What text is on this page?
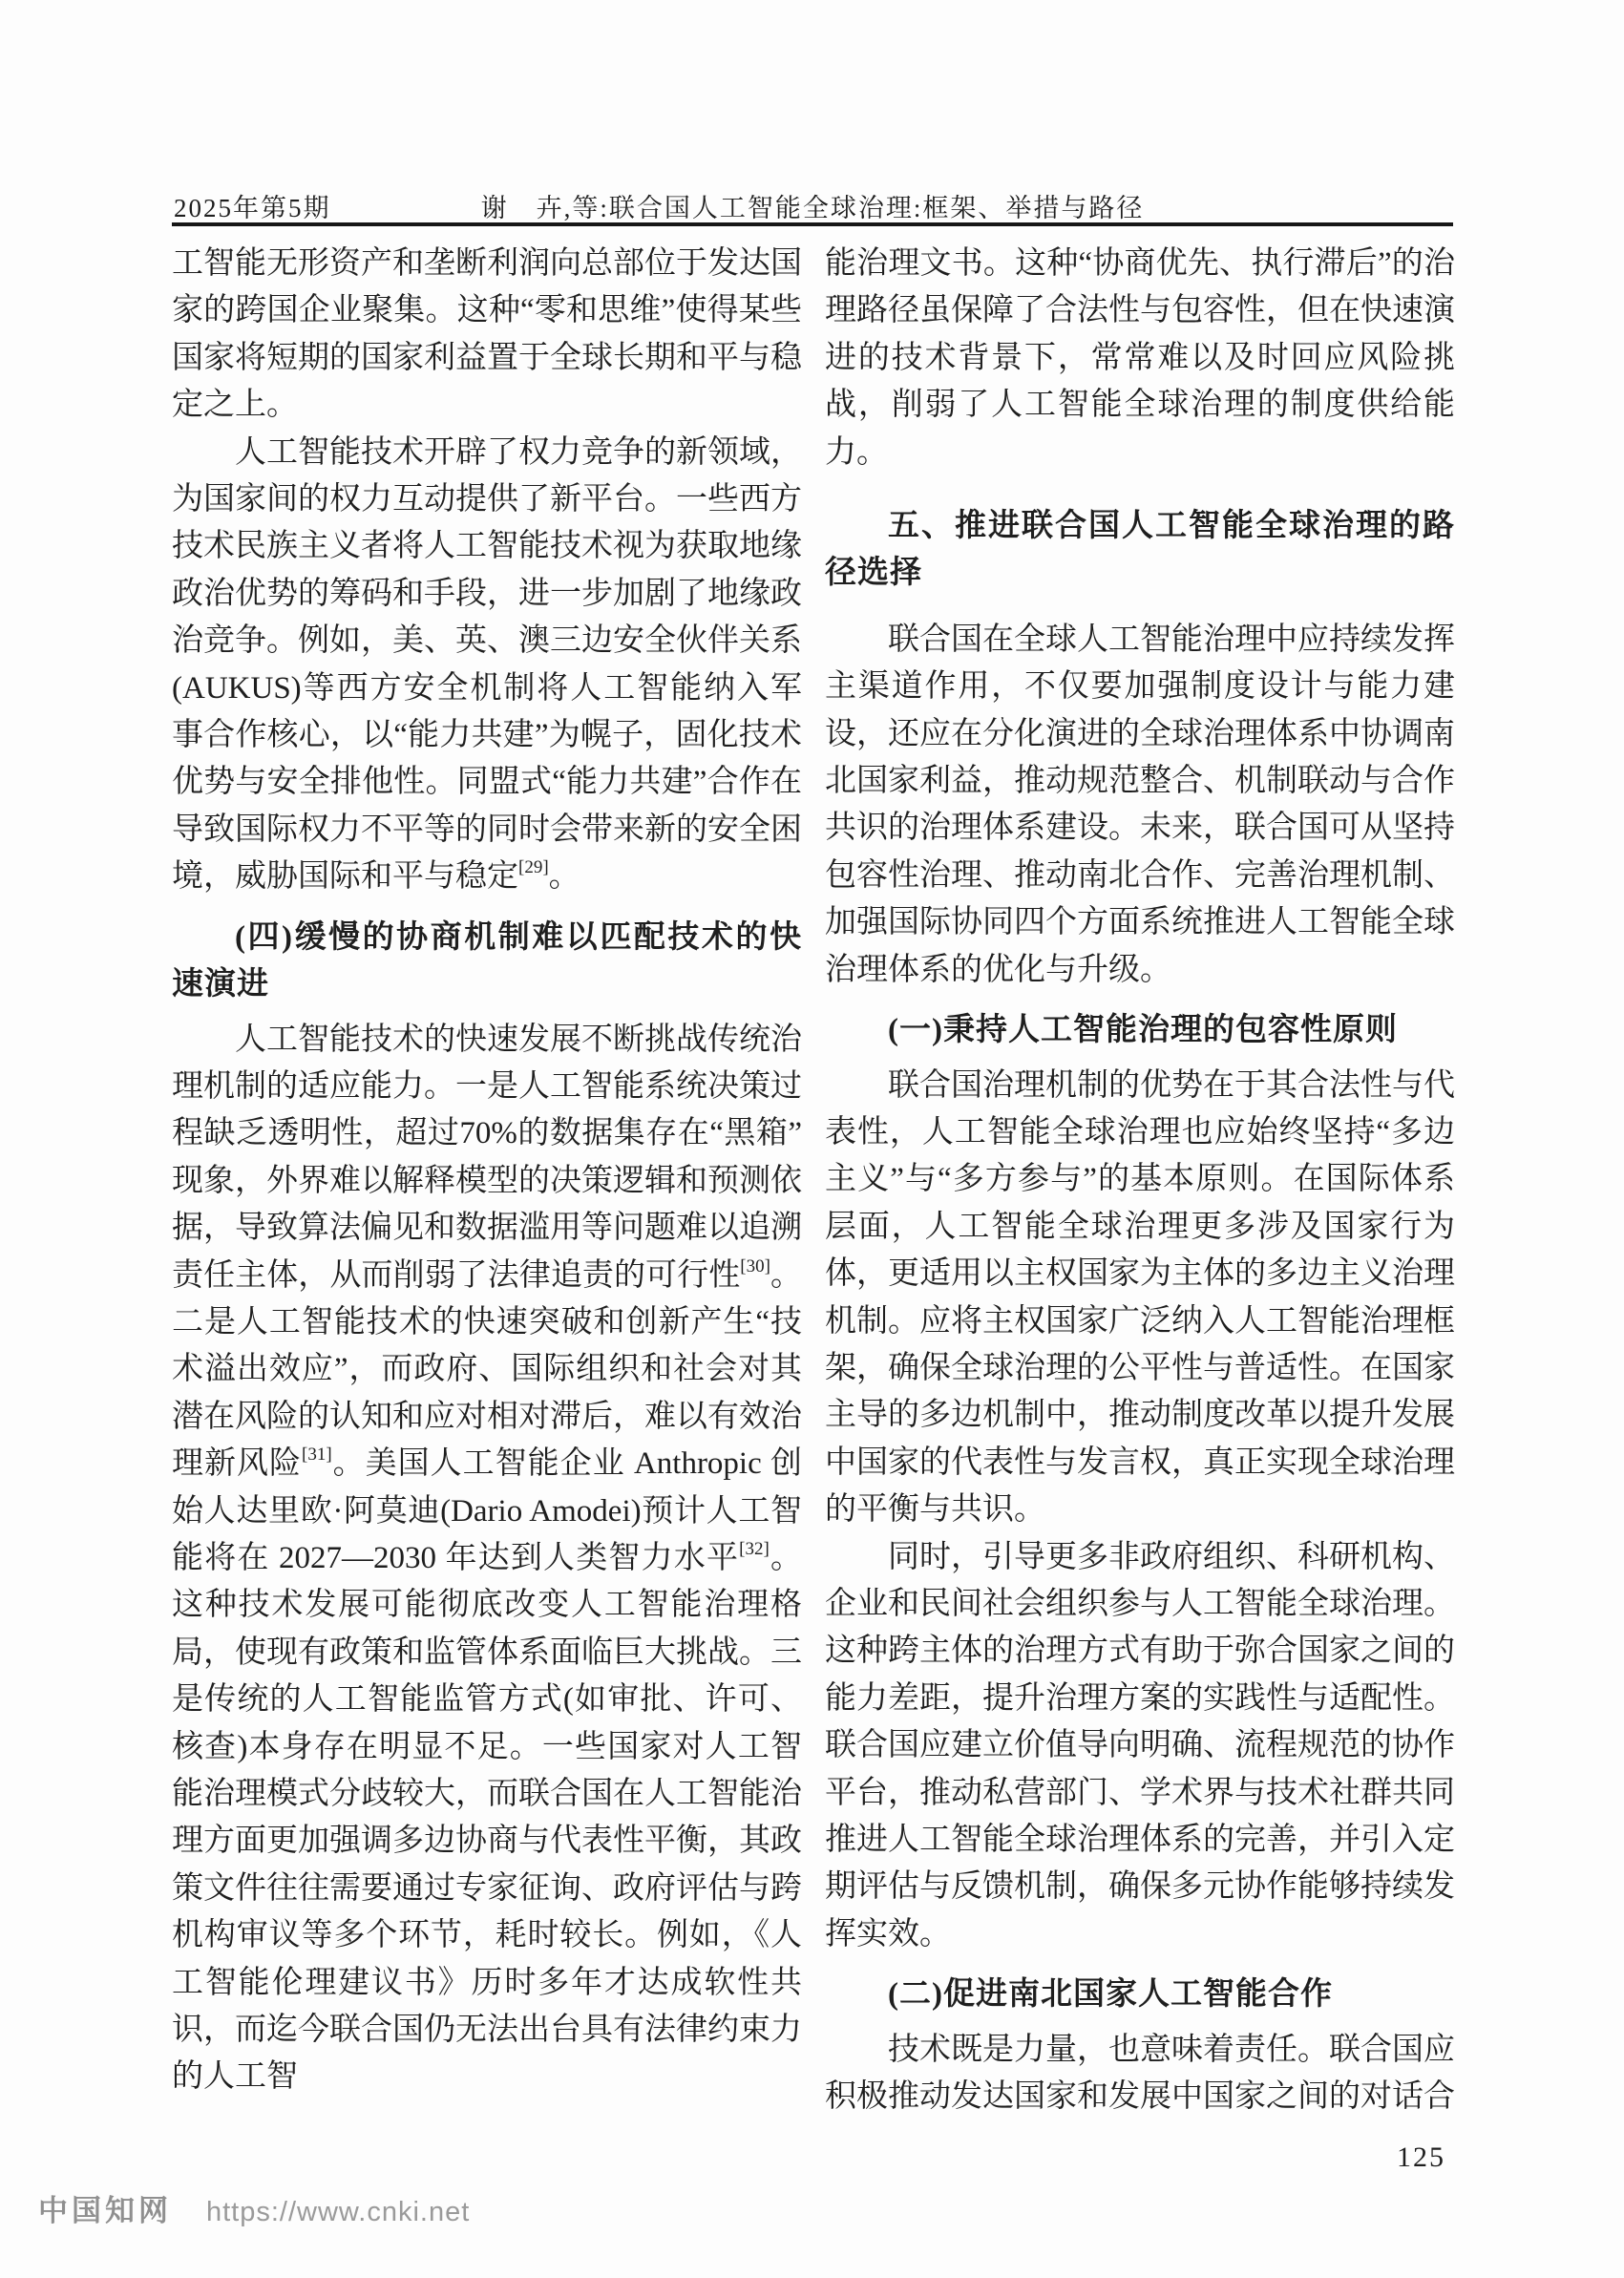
2025年第5期	谢　卉,等:联合国人工智能全球治理:框架、举措与路径
工智能无形资产和垄断利润向总部位于发达国家的跨国企业聚集。这种“零和思维”使得某些国家将短期的国家利益置于全球长期和平与稳定之上。
人工智能技术开辟了权力竞争的新领域，为国家间的权力互动提供了新平台。一些西方技术民族主义者将人工智能技术视为获取地缘政治优势的筹码和手段，进一步加剧了地缘政治竞争。例如，美、英、澳三边安全伙伴关系(AUKUS)等西方安全机制将人工智能纳入军事合作核心，以“能力共建”为幌子，固化技术优势与安全排他性。同盟式“能力共建”合作在导致国际权力不平等的同时会带来新的安全困境，威胁国际和平与稳定[29]。
(四)缓慢的协商机制难以匹配技术的快速演进
人工智能技术的快速发展不断挑战传统治理机制的适应能力。一是人工智能系统决策过程缺乏透明性，超过70%的数据集存在“黑箱”现象，外界难以解释模型的决策逻辑和预测依据，导致算法偏见和数据滥用等问题难以追溯责任主体，从而削弱了法律追责的可行性[30]。二是人工智能技术的快速突破和创新产生“技术溢出效应”，而政府、国际组织和社会对其潜在风险的认知和应对相对滞后，难以有效治理新风险[31]。美国人工智能企业 Anthropic 创始人达里欧·阿莫迪(Dario Amodei)预计人工智能将在 2027—2030 年达到人类智力水平[32]。这种技术发展可能彻底改变人工智能治理格局，使现有政策和监管体系面临巨大挑战。三是传统的人工智能监管方式(如审批、许可、核查)本身存在明显不足。一些国家对人工智能治理模式分歧较大，而联合国在人工智能治理方面更加强调多边协商与代表性平衡，其政策文件往往需要通过专家征询、政府评估与跨机构审议等多个环节，耗时较长。例如，《人工智能伦理建议书》历时多年才达成软性共识，而迄今联合国仍无法出台具有法律约束力的人工智
能治理文书。这种“协商优先、执行滞后”的治理路径虽保障了合法性与包容性，但在快速演进的技术背景下，常常难以及时回应风险挑战，削弱了人工智能全球治理的制度供给能力。
五、推进联合国人工智能全球治理的路径选择
联合国在全球人工智能治理中应持续发挥主渠道作用，不仅要加强制度设计与能力建设，还应在分化演进的全球治理体系中协调南北国家利益，推动规范整合、机制联动与合作共识的治理体系建设。未来，联合国可从坚持包容性治理、推动南北合作、完善治理机制、加强国际协同四个方面系统推进人工智能全球治理体系的优化与升级。
(一)秉持人工智能治理的包容性原则
联合国治理机制的优势在于其合法性与代表性，人工智能全球治理也应始终坚持“多边主义”与“多方参与”的基本原则。在国际体系层面，人工智能全球治理更多涉及国家行为体，更适用以主权国家为主体的多边主义治理机制。应将主权国家广泛纳入人工智能治理框架，确保全球治理的公平性与普适性。在国家主导的多边机制中，推动制度改革以提升发展中国家的代表性与发言权，真正实现全球治理的平衡与共识。
同时，引导更多非政府组织、科研机构、企业和民间社会组织参与人工智能全球治理。这种跨主体的治理方式有助于弥合国家之间的能力差距，提升治理方案的实践性与适配性。联合国应建立价值导向明确、流程规范的协作平台，推动私营部门、学术界与技术社群共同推进人工智能全球治理体系的完善，并引入定期评估与反馈机制，确保多元协作能够持续发挥实效。
(二)促进南北国家人工智能合作
技术既是力量，也意味着责任。联合国应积极推动发达国家和发展中国家之间的对话合
125
中国知网 https://www.cnki.net
